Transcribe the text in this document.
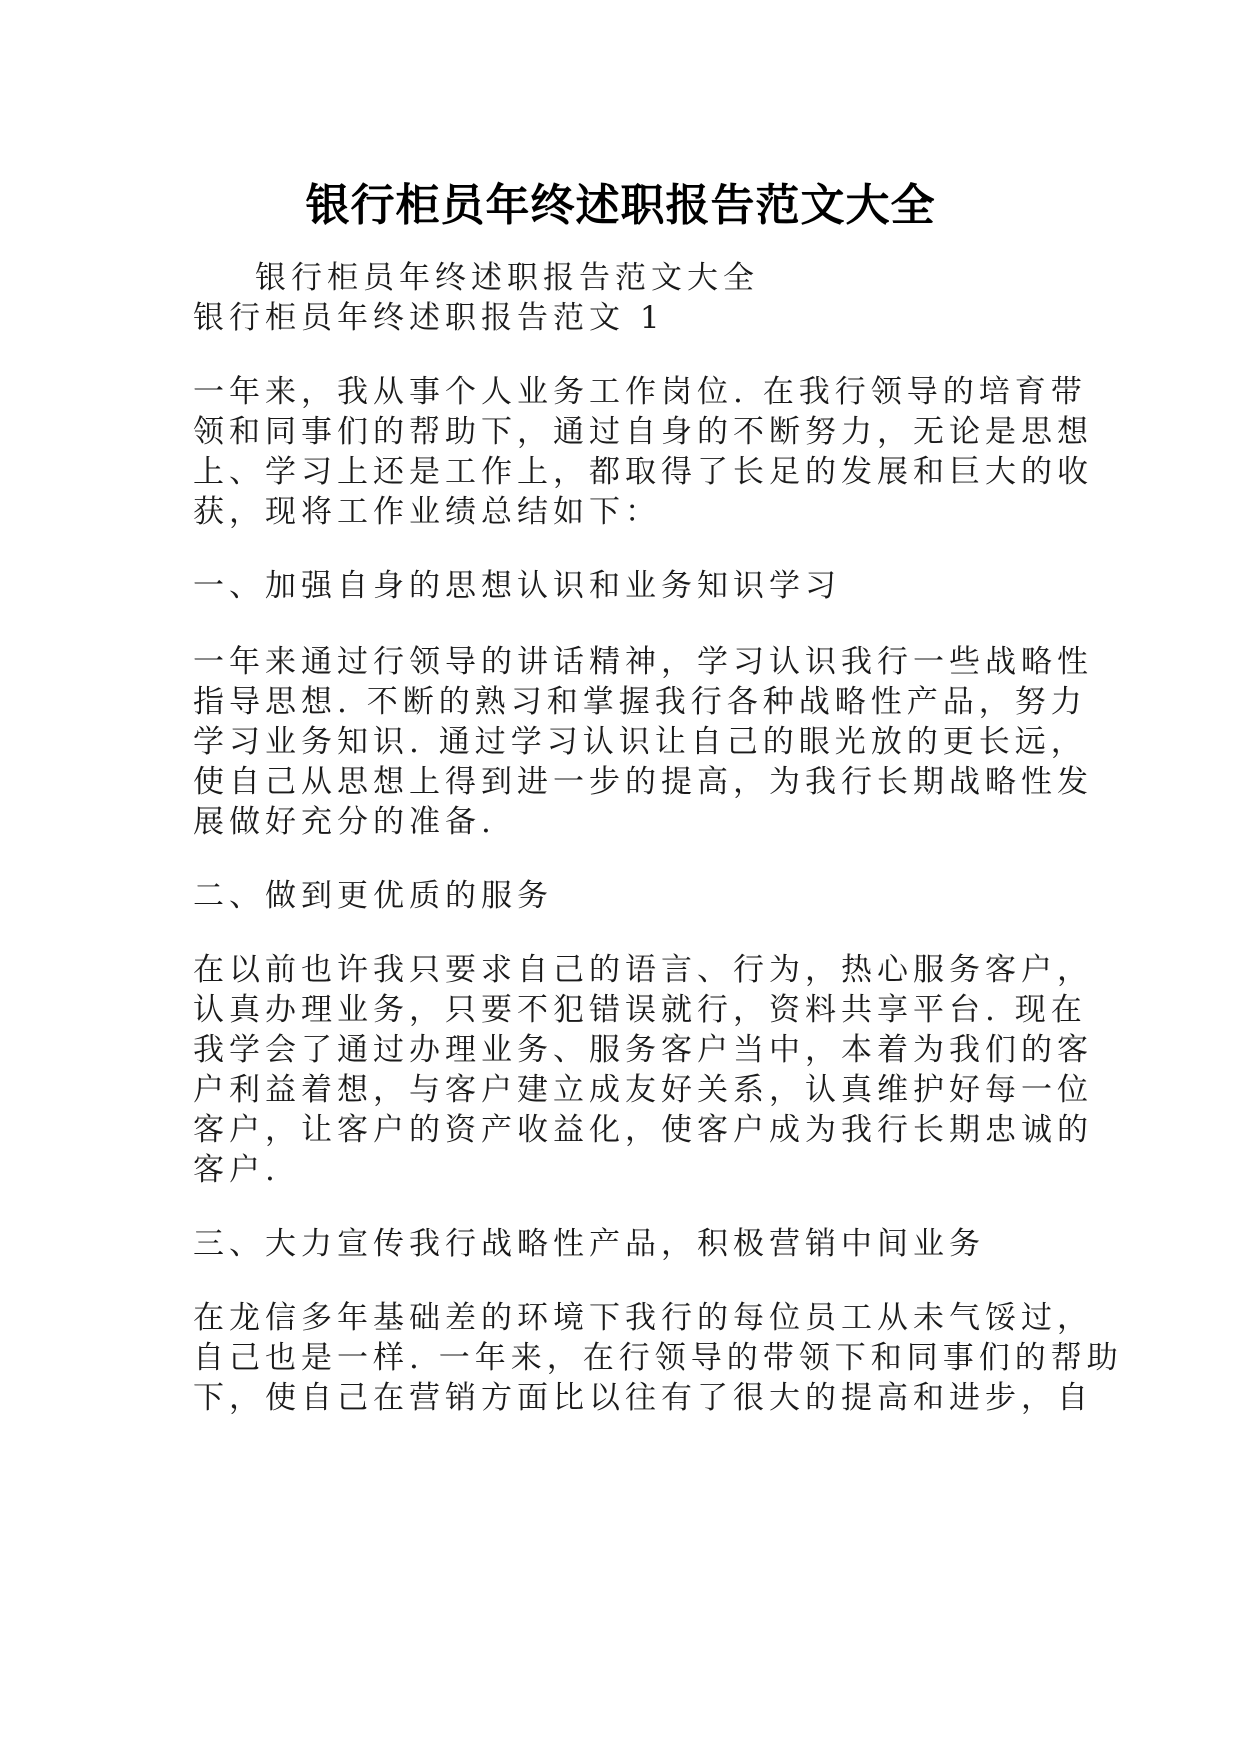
银行柜员年终述职报告范文大全
银行柜员年终述职报告范文大全
银行柜员年终述职报告范文 1
一年来，我从事个人业务工作岗位. 在我行领导的培育带
领和同事们的帮助下，通过自身的不断努力，无论是思想
上、学习上还是工作上，都取得了长足的发展和巨大的收
获，现将工作业绩总结如下：
一、加强自身的思想认识和业务知识学习
一年来通过行领导的讲话精神，学习认识我行一些战略性
指导思想. 不断的熟习和掌握我行各种战略性产品，努力
学习业务知识. 通过学习认识让自己的眼光放的更长远，
使自己从思想上得到进一步的提高，为我行长期战略性发
展做好充分的准备.
二、做到更优质的服务
在以前也许我只要求自己的语言、行为，热心服务客户，
认真办理业务，只要不犯错误就行，资料共享平台. 现在
我学会了通过办理业务、服务客户当中，本着为我们的客
户利益着想，与客户建立成友好关系，认真维护好每一位
客户，让客户的资产收益化，使客户成为我行长期忠诚的
客户.
三、大力宣传我行战略性产品，积极营销中间业务
在龙信多年基础差的环境下我行的每位员工从未气馁过，
自己也是一样. 一年来，在行领导的带领下和同事们的帮助
下，使自己在营销方面比以往有了很大的提高和进步，自
